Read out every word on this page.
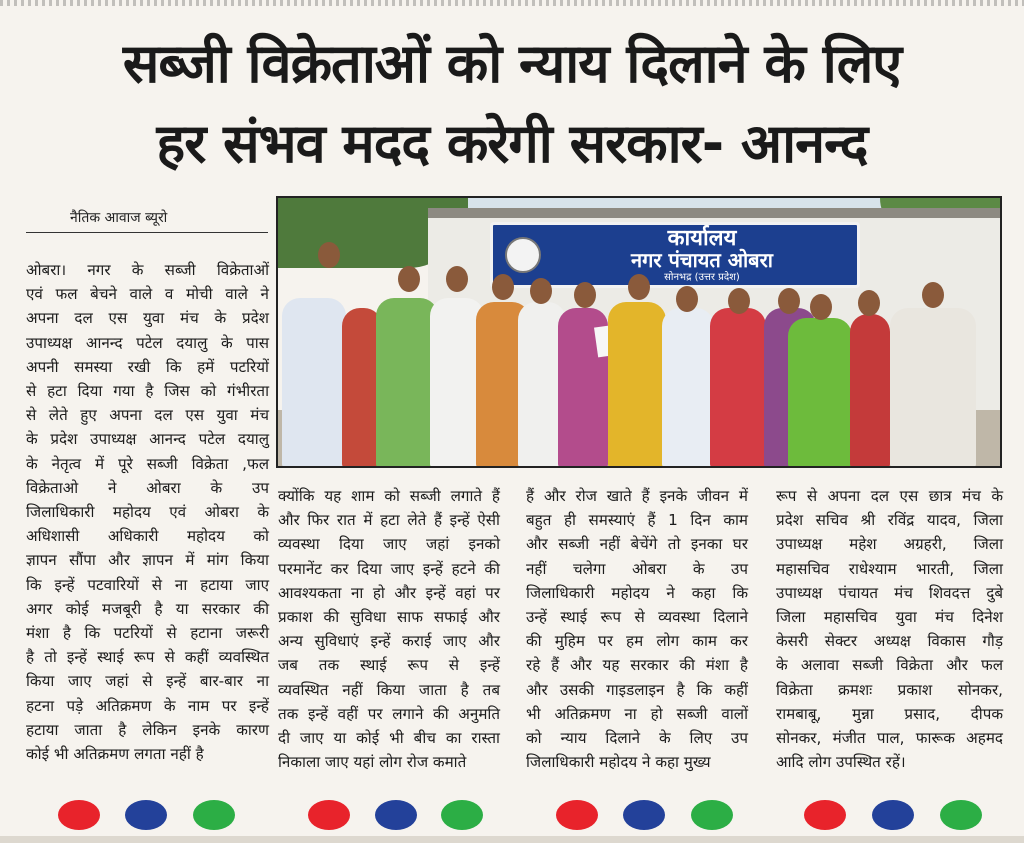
सब्जी विक्रेताओं को न्याय दिलाने के लिए
हर संभव मदद करेगी सरकार- आनन्द
नैतिक आवाज ब्यूरो
कार्यालय
नगर पंचायत ओबरा
सोनभद्र (उत्तर प्रदेश)
ओबरा। नगर के सब्जी विक्रेताओं
एवं फल बेचने वाले व मोची वाले ने
अपना दल एस युवा मंच के प्रदेश
उपाध्यक्ष आनन्द पटेल दयालु के पास
अपनी समस्या रखी कि हमें पटरियों
से हटा दिया गया है जिस को गंभीरता
से लेते हुए अपना दल एस युवा मंच
के प्रदेश उपाध्यक्ष आनन्द पटेल दयालु
के नेतृत्व में पूरे सब्जी विक्रेता ,फल
विक्रेताओ ने ओबरा के उप
जिलाधिकारी महोदय एवं ओबरा के
अधिशासी अधिकारी महोदय को
ज्ञापन सौंपा और ज्ञापन में मांग किया
कि इन्हें पटवारियों से ना हटाया जाए
अगर कोई मजबूरी है या सरकार की
मंशा है कि पटरियों से हटाना जरूरी
है तो इन्हें स्थाई रूप से कहीं व्यवस्थित
किया जाए जहां से इन्हें बार-बार ना
हटना पड़े अतिक्रमण के नाम पर इन्हें
हटाया जाता है लेकिन इनके कारण
कोई भी अतिक्रमण लगता नहीं है
क्योंकि यह शाम को सब्जी लगाते हैं
और फिर रात में हटा लेते हैं इन्हें ऐसी
व्यवस्था दिया जाए जहां इनको
परमानेंट कर दिया जाए इन्हें हटने की
आवश्यकता ना हो और इन्हें वहां पर
प्रकाश की सुविधा साफ सफाई और
अन्य सुविधाएं इन्हें कराई जाए और
जब तक स्थाई रूप से इन्हें
व्यवस्थित नहीं किया जाता है तब
तक इन्हें वहीं पर लगाने की अनुमति
दी जाए या कोई भी बीच का रास्ता
निकाला जाए यहां लोग रोज कमाते
हैं और रोज खाते हैं इनके जीवन में
बहुत ही समस्याएं हैं 1 दिन काम
और सब्जी नहीं बेचेंगे तो इनका घर
नहीं चलेगा ओबरा के उप
जिलाधिकारी महोदय ने कहा कि
उन्हें स्थाई रूप से व्यवस्था दिलाने
की मुहिम पर हम लोग काम कर
रहे हैं और यह सरकार की मंशा है
और उसकी गाइडलाइन है कि कहीं
भी अतिक्रमण ना हो सब्जी वालों
को न्याय दिलाने के लिए उप
जिलाधिकारी महोदय ने कहा मुख्य
रूप से अपना दल एस छात्र मंच के
प्रदेश सचिव श्री रविंद्र यादव, जिला
उपाध्यक्ष महेश अग्रहरी, जिला
महासचिव राधेश्याम भारती, जिला
उपाध्यक्ष पंचायत मंच शिवदत्त दुबे
जिला महासचिव युवा मंच दिनेश
केसरी सेक्टर अध्यक्ष विकास गौड़
के अलावा सब्जी विक्रेता और फल
विक्रेता क्रमशः प्रकाश सोनकर,
रामबाबू, मुन्ना प्रसाद, दीपक
सोनकर, मंजीत पाल, फारूक अहमद
आदि लोग उपस्थित रहें।
